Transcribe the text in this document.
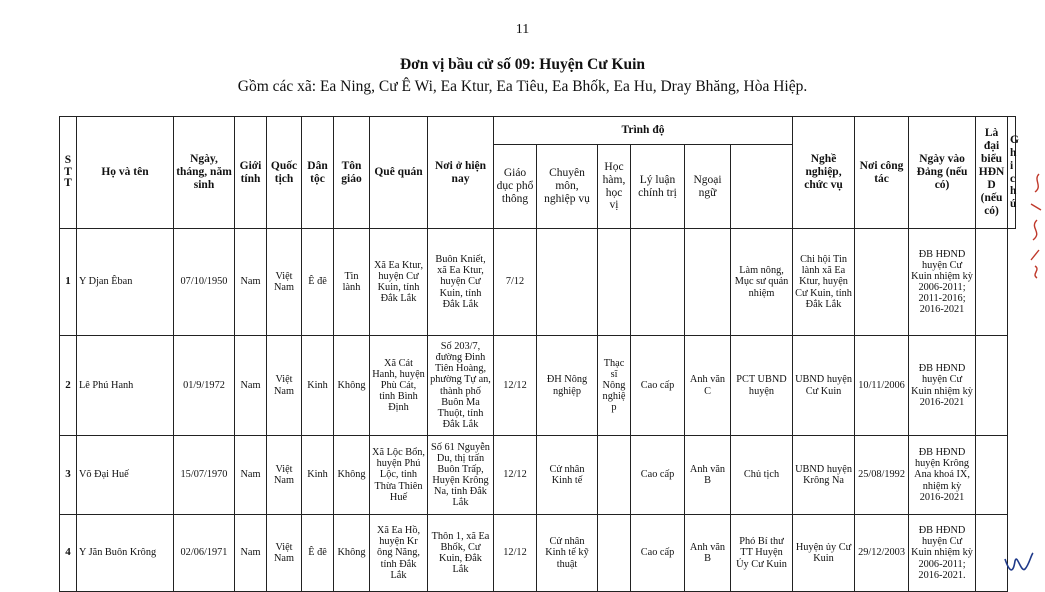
11
Đơn vị bầu cử số 09: Huyện Cư Kuin
Gồm các xã: Ea Ning, Cư Ê Wi, Ea Ktur, Ea Tiêu, Ea Bhốk, Ea Hu, Dray Bhăng, Hòa Hiệp.
S
T
T	Họ và tên	Ngày, tháng, năm sinh	Giới tính	Quốc tịch	Dân tộc	Tôn giáo	Quê quán	Nơi ở hiện nay	Trình độ						Nghề nghiệp, chức vụ	Nơi công tác	Ngày vào Đảng (nếu có)	Là đại biểu HĐND (nếu có)	Ghi chú
									Giáo dục phổ thông	Chuyên môn, nghiệp vụ	Học hàm, học vị	Lý luận chính trị	Ngoại ngữ						
1	Y Djan Êban	07/10/1950	Nam	Việt Nam	Ê đê	Tin lành	Xã Ea Ktur, huyện Cư Kuin, tỉnh Đắk Lắk	Buôn Kniết, xã Ea Ktur, huyện Cư Kuin, tỉnh Đắk Lắk	7/12					Làm nông, Mục sư quản nhiệm	Chi hội Tin lành xã Ea Ktur, huyện Cư Kuin, tỉnh Đắk Lắk		ĐB HĐND huyện Cư Kuin nhiệm kỳ 2006-2011; 2011-2016; 2016-2021		
2	Lê Phú Hanh	01/9/1972	Nam	Việt Nam	Kinh	Không	Xã Cát Hanh, huyện Phù Cát, tỉnh Bình Định	Số 203/7, đường Đinh Tiên Hoàng, phường Tự an, thành phố Buôn Ma Thuột, tỉnh Đắk Lắk	12/12	ĐH Nông nghiệp	Thạc sĩ Nông nghiệp	Cao cấp	Anh văn C	PCT UBND huyện	UBND huyện Cư Kuin	10/11/2006	ĐB HĐND huyện Cư Kuin nhiệm kỳ 2016-2021		
3	Võ Đại Huế	15/07/1970	Nam	Việt Nam	Kinh	Không	Xã Lộc Bổn, huyện Phú Lộc, tỉnh Thừa Thiên Huế	Số 61 Nguyễn Du, thị trấn Buôn Trấp, Huyện Krông Na, tỉnh Đắk Lắk	12/12	Cử nhân Kinh tế		Cao cấp	Anh văn B	Chủ tịch	UBND huyện Krông Na	25/08/1992	ĐB HĐND huyện Krông Ana khoá IX, nhiệm kỳ 2016-2021		
4	Y Jăn Buôn Krông	02/06/1971	Nam	Việt Nam	Ê đê	Không	Xã Ea Hồ, huyện Kr ông Năng, tỉnh Đắk Lắk	Thôn 1, xã Ea Bhốk, Cư Kuin, Đắk Lắk	12/12	Cử nhân Kinh tế kỹ thuật		Cao cấp	Anh văn B	Phó Bí thư TT Huyện Ủy Cư Kuin	Huyện ủy Cư Kuin	29/12/2003	ĐB HĐND huyện Cư Kuin nhiệm kỳ 2006-2011; 2016-2021.		
